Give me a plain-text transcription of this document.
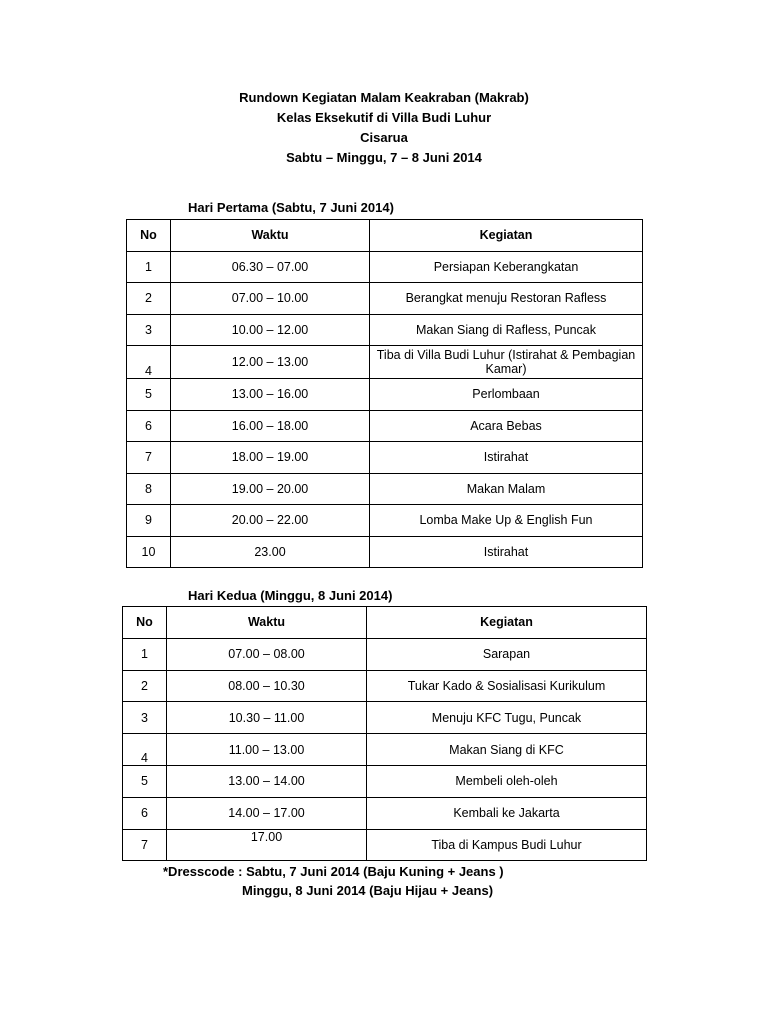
Rundown Kegiatan Malam Keakraban (Makrab)
Kelas Eksekutif di Villa Budi Luhur
Cisarua
Sabtu – Minggu, 7 – 8 Juni 2014
Hari Pertama (Sabtu, 7 Juni 2014)
No	Waktu	Kegiatan
1	06.30 – 07.00	Persiapan Keberangkatan
2	07.00 – 10.00	Berangkat menuju Restoran Rafless
3	10.00 – 12.00	Makan Siang di Rafless, Puncak
4	12.00 – 13.00	Tiba di Villa Budi Luhur (Istirahat & Pembagian Kamar)
5	13.00 – 16.00	Perlombaan
6	16.00 – 18.00	Acara Bebas
7	18.00 – 19.00	Istirahat
8	19.00 – 20.00	Makan Malam
9	20.00 – 22.00	Lomba Make Up & English Fun
10	23.00	Istirahat
Hari Kedua (Minggu, 8 Juni 2014)
No	Waktu	Kegiatan
1	07.00 – 08.00	Sarapan
2	08.00 – 10.30	Tukar Kado & Sosialisasi Kurikulum
3	10.30 – 11.00	Menuju KFC Tugu, Puncak
4	11.00 – 13.00	Makan Siang di KFC
5	13.00 – 14.00	Membeli oleh-oleh
6	14.00 – 17.00	Kembali ke Jakarta
7	17.00	Tiba di Kampus Budi Luhur
*Dresscode : Sabtu, 7 Juni 2014 (Baju Kuning + Jeans )
Minggu, 8 Juni 2014 (Baju Hijau + Jeans)
